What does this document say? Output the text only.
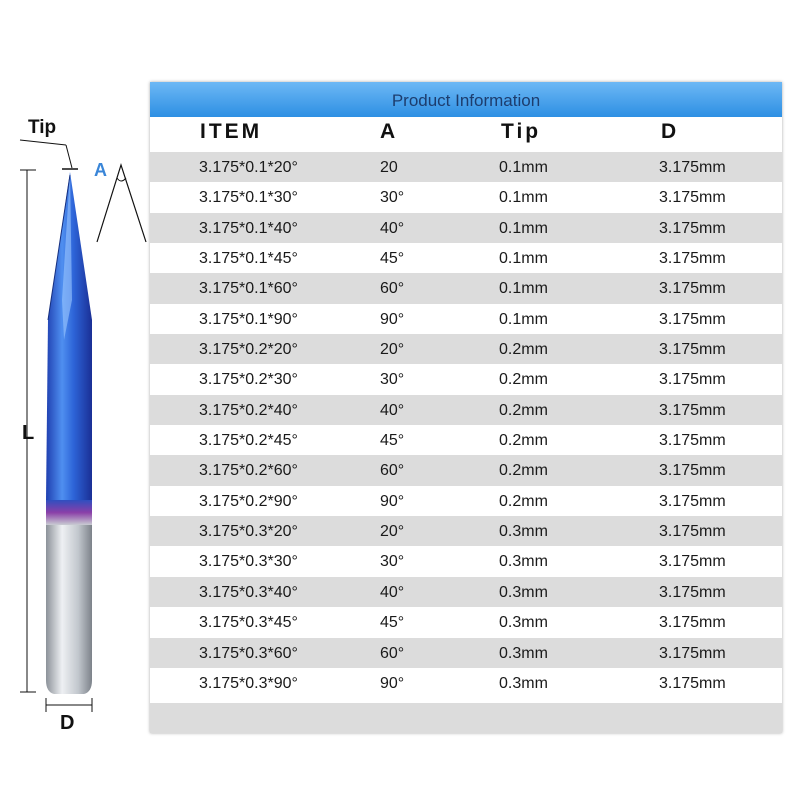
Tip
A
L
D
Product Information
ITEM	A	Tip	D
3.175*0.1*20°	20	0.1mm	3.175mm
3.175*0.1*30°	30°	0.1mm	3.175mm
3.175*0.1*40°	40°	0.1mm	3.175mm
3.175*0.1*45°	45°	0.1mm	3.175mm
3.175*0.1*60°	60°	0.1mm	3.175mm
3.175*0.1*90°	90°	0.1mm	3.175mm
3.175*0.2*20°	20°	0.2mm	3.175mm
3.175*0.2*30°	30°	0.2mm	3.175mm
3.175*0.2*40°	40°	0.2mm	3.175mm
3.175*0.2*45°	45°	0.2mm	3.175mm
3.175*0.2*60°	60°	0.2mm	3.175mm
3.175*0.2*90°	90°	0.2mm	3.175mm
3.175*0.3*20°	20°	0.3mm	3.175mm
3.175*0.3*30°	30°	0.3mm	3.175mm
3.175*0.3*40°	40°	0.3mm	3.175mm
3.175*0.3*45°	45°	0.3mm	3.175mm
3.175*0.3*60°	60°	0.3mm	3.175mm
3.175*0.3*90°	90°	0.3mm	3.175mm
